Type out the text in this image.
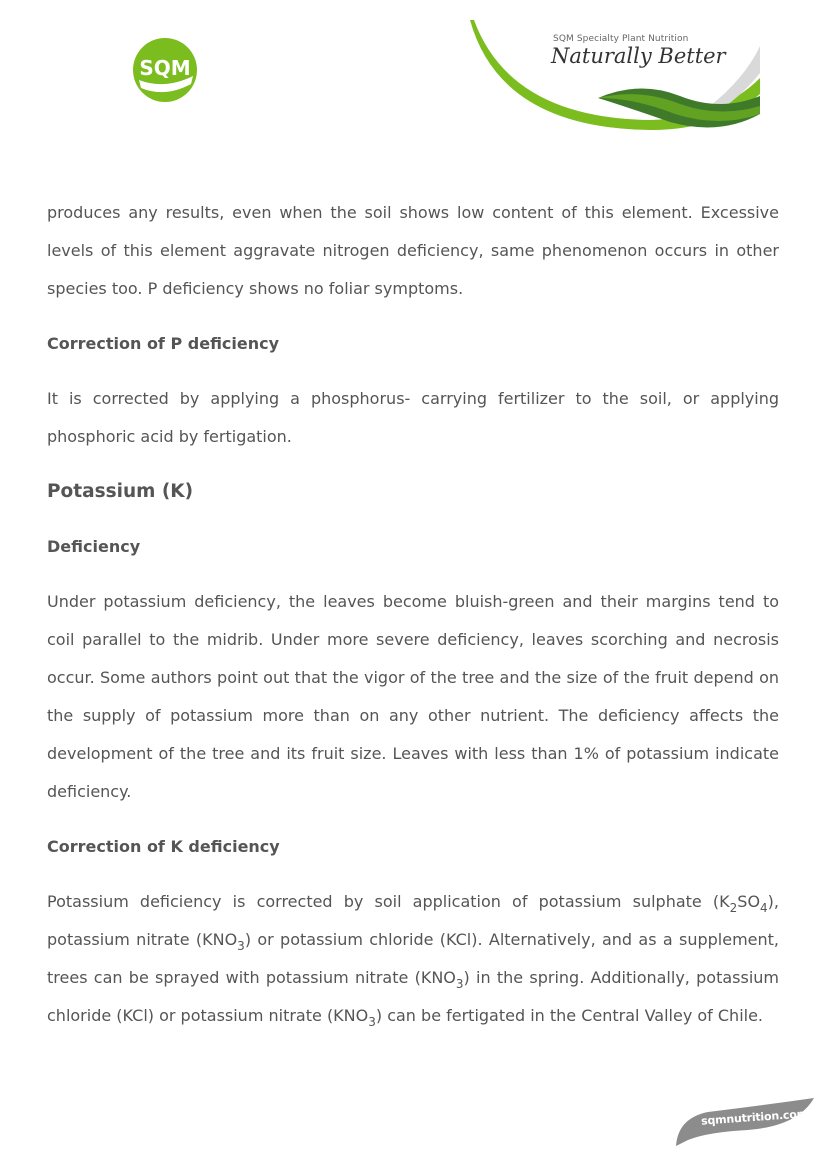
SQM
SQM Specialty Plant Nutrition
Naturally Better

produces any results, even when the soil shows low content of this element. Excessive levels of this element aggravate nitrogen deficiency, same phenomenon occurs in other species too. P deficiency shows no foliar symptoms.

Correction of P deficiency

It is corrected by applying a phosphorus- carrying fertilizer to the soil, or applying phosphoric acid by fertigation.

Potassium (K)
Deficiency

Under potassium deficiency, the leaves become bluish-green and their margins tend to coil parallel to the midrib. Under more severe deficiency, leaves scorching and necrosis occur. Some authors point out that the vigor of the tree and the size of the fruit depend on the supply of potassium more than on any other nutrient. The deficiency affects the development of the tree and its fruit size. Leaves with less than 1% of potassium indicate deficiency.

Correction of K deficiency

Potassium deficiency is corrected by soil application of potassium sulphate $(K_2SO_4)$, potassium nitrate $(KNO_3)$ or potassium chloride (KCl). Alternatively, and as a supplement, trees can be sprayed with potassium nitrate $(KNO_3)$ in the spring. Additionally, potassium chloride (KCl) or potassium nitrate $(KNO_3)$ can be fertigated in the Central Valley of Chile.

sqmnutrition.com
